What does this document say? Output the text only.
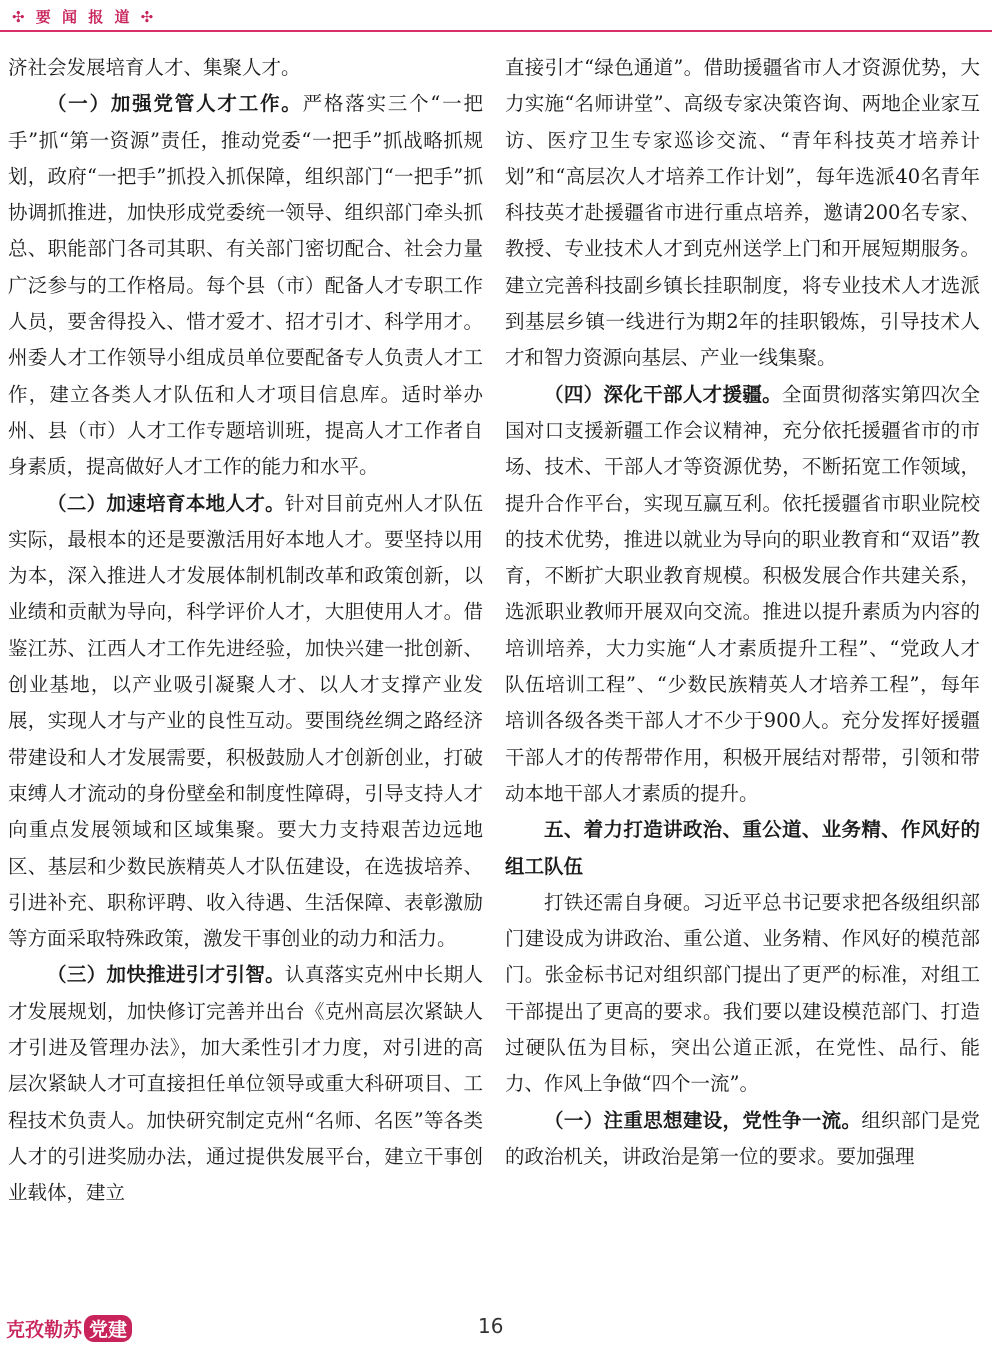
✣ 要 闻 报 道 ✣

济社会发展培育人才、集聚人才。

（一）加强党管人才工作。严格落实三个“一把手”抓“第一资源”责任，推动党委“一把手”抓战略抓规划，政府“一把手”抓投入抓保障，组织部门“一把手”抓协调抓推进，加快形成党委统一领导、组织部门牵头抓总、职能部门各司其职、有关部门密切配合、社会力量广泛参与的工作格局。每个县（市）配备人才专职工作人员，要舍得投入、惜才爱才、招才引才、科学用才。州委人才工作领导小组成员单位要配备专人负责人才工作，建立各类人才队伍和人才项目信息库。适时举办州、县（市）人才工作专题培训班，提高人才工作者自身素质，提高做好人才工作的能力和水平。

（二）加速培育本地人才。针对目前克州人才队伍实际，最根本的还是要激活用好本地人才。要坚持以用为本，深入推进人才发展体制机制改革和政策创新，以业绩和贡献为导向，科学评价人才，大胆使用人才。借鉴江苏、江西人才工作先进经验，加快兴建一批创新、创业基地，以产业吸引凝聚人才、以人才支撑产业发展，实现人才与产业的良性互动。要围绕丝绸之路经济带建设和人才发展需要，积极鼓励人才创新创业，打破束缚人才流动的身份壁垒和制度性障碍，引导支持人才向重点发展领域和区域集聚。要大力支持艰苦边远地区、基层和少数民族精英人才队伍建设，在选拔培养、引进补充、职称评聘、收入待遇、生活保障、表彰激励等方面采取特殊政策，激发干事创业的动力和活力。

（三）加快推进引才引智。认真落实克州中长期人才发展规划，加快修订完善并出台《克州高层次紧缺人才引进及管理办法》，加大柔性引才力度，对引进的高层次紧缺人才可直接担任单位领导或重大科研项目、工程技术负责人。加快研究制定克州“名师、名医”等各类人才的引进奖励办法，通过提供发展平台，建立干事创业载体，建立

直接引才“绿色通道”。借助援疆省市人才资源优势，大力实施“名师讲堂”、高级专家决策咨询、两地企业家互访、医疗卫生专家巡诊交流、“青年科技英才培养计划”和“高层次人才培养工作计划”，每年选派40名青年科技英才赴援疆省市进行重点培养，邀请200名专家、教授、专业技术人才到克州送学上门和开展短期服务。建立完善科技副乡镇长挂职制度，将专业技术人才选派到基层乡镇一线进行为期2年的挂职锻炼，引导技术人才和智力资源向基层、产业一线集聚。

（四）深化干部人才援疆。全面贯彻落实第四次全国对口支援新疆工作会议精神，充分依托援疆省市的市场、技术、干部人才等资源优势，不断拓宽工作领域，提升合作平台，实现互赢互利。依托援疆省市职业院校的技术优势，推进以就业为导向的职业教育和“双语”教育，不断扩大职业教育规模。积极发展合作共建关系，选派职业教师开展双向交流。推进以提升素质为内容的培训培养，大力实施“人才素质提升工程”、“党政人才队伍培训工程”、“少数民族精英人才培养工程”，每年培训各级各类干部人才不少于900人。充分发挥好援疆干部人才的传帮带作用，积极开展结对帮带，引领和带动本地干部人才素质的提升。

五、着力打造讲政治、重公道、业务精、作风好的组工队伍

打铁还需自身硬。习近平总书记要求把各级组织部门建设成为讲政治、重公道、业务精、作风好的模范部门。张金标书记对组织部门提出了更严的标准，对组工干部提出了更高的要求。我们要以建设模范部门、打造过硬队伍为目标，突出公道正派，在党性、品行、能力、作风上争做“四个一流”。

（一）注重思想建设，党性争一流。组织部门是党的政治机关，讲政治是第一位的要求。要加强理

克孜勒苏 党建	16
